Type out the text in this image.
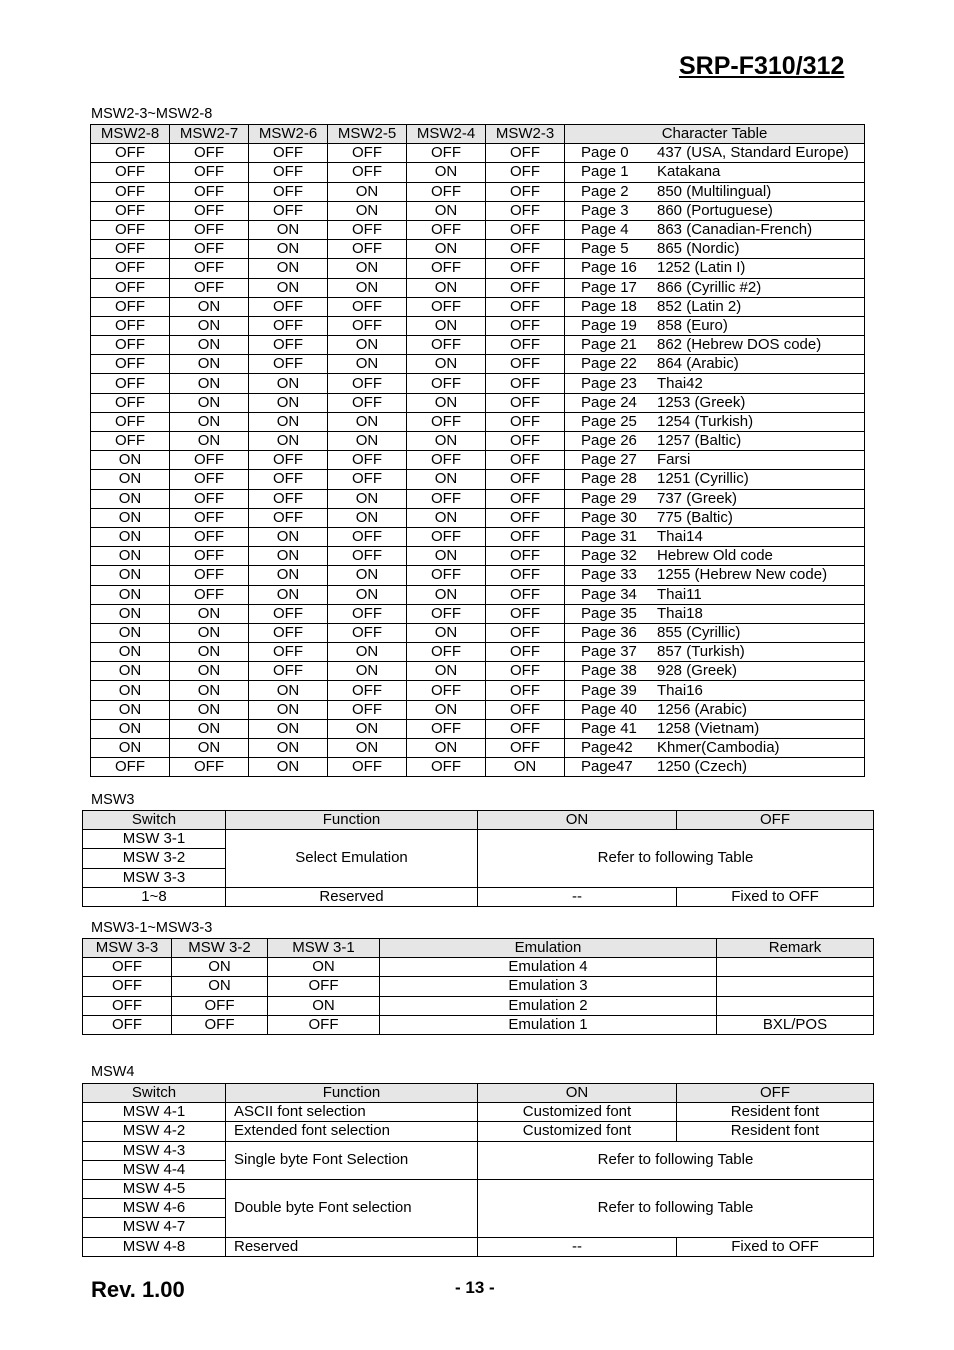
SRP-F310/312
MSW2-3~MSW2-8
MSW2-8	MSW2-7	MSW2-6	MSW2-5	MSW2-4	MSW2-3	Character Table
OFF	OFF	OFF	OFF	OFF	OFF	Page 0 437 (USA, Standard Europe)
OFF	OFF	OFF	OFF	ON	OFF	Page 1 Katakana
OFF	OFF	OFF	ON	OFF	OFF	Page 2 850 (Multilingual)
OFF	OFF	OFF	ON	ON	OFF	Page 3 860 (Portuguese)
OFF	OFF	ON	OFF	OFF	OFF	Page 4 863 (Canadian-French)
OFF	OFF	ON	OFF	ON	OFF	Page 5 865 (Nordic)
OFF	OFF	ON	ON	OFF	OFF	Page 16 1252 (Latin I)
OFF	OFF	ON	ON	ON	OFF	Page 17 866 (Cyrillic #2)
OFF	ON	OFF	OFF	OFF	OFF	Page 18 852 (Latin 2)
OFF	ON	OFF	OFF	ON	OFF	Page 19 858 (Euro)
OFF	ON	OFF	ON	OFF	OFF	Page 21 862 (Hebrew DOS code)
OFF	ON	OFF	ON	ON	OFF	Page 22 864 (Arabic)
OFF	ON	ON	OFF	OFF	OFF	Page 23 Thai42
OFF	ON	ON	OFF	ON	OFF	Page 24 1253 (Greek)
OFF	ON	ON	ON	OFF	OFF	Page 25 1254 (Turkish)
OFF	ON	ON	ON	ON	OFF	Page 26 1257 (Baltic)
ON	OFF	OFF	OFF	OFF	OFF	Page 27 Farsi
ON	OFF	OFF	OFF	ON	OFF	Page 28 1251 (Cyrillic)
ON	OFF	OFF	ON	OFF	OFF	Page 29 737 (Greek)
ON	OFF	OFF	ON	ON	OFF	Page 30 775 (Baltic)
ON	OFF	ON	OFF	OFF	OFF	Page 31 Thai14
ON	OFF	ON	OFF	ON	OFF	Page 32 Hebrew Old code
ON	OFF	ON	ON	OFF	OFF	Page 33 1255 (Hebrew New code)
ON	OFF	ON	ON	ON	OFF	Page 34 Thai11
ON	ON	OFF	OFF	OFF	OFF	Page 35 Thai18
ON	ON	OFF	OFF	ON	OFF	Page 36 855 (Cyrillic)
ON	ON	OFF	ON	OFF	OFF	Page 37 857 (Turkish)
ON	ON	OFF	ON	ON	OFF	Page 38 928 (Greek)
ON	ON	ON	OFF	OFF	OFF	Page 39 Thai16
ON	ON	ON	OFF	ON	OFF	Page 40 1256 (Arabic)
ON	ON	ON	ON	OFF	OFF	Page 41 1258 (Vietnam)
ON	ON	ON	ON	ON	OFF	Page42 Khmer(Cambodia)
OFF	OFF	ON	OFF	OFF	ON	Page47 1250 (Czech)
MSW3
Switch	Function	ON	OFF
MSW 3-1	Select Emulation	Refer to following Table	
MSW 3-2			
MSW 3-3			
1~8	Reserved	--	Fixed to OFF
MSW3-1~MSW3-3
MSW 3-3	MSW 3-2	MSW 3-1	Emulation	Remark
OFF	ON	ON	Emulation 4	
OFF	ON	OFF	Emulation 3	
OFF	OFF	ON	Emulation 2	
OFF	OFF	OFF	Emulation 1	BXL/POS
MSW4
Switch	Function	ON	OFF
MSW 4-1	ASCII font selection	Customized font	Resident font
MSW 4-2	Extended font selection	Customized font	Resident font
MSW 4-3	Single byte Font Selection	Refer to following Table	
MSW 4-4			
MSW 4-5	Double byte Font selection	Refer to following Table	
MSW 4-6			
MSW 4-7			
MSW 4-8	Reserved	--	Fixed to OFF
Rev. 1.00	- 13 -
